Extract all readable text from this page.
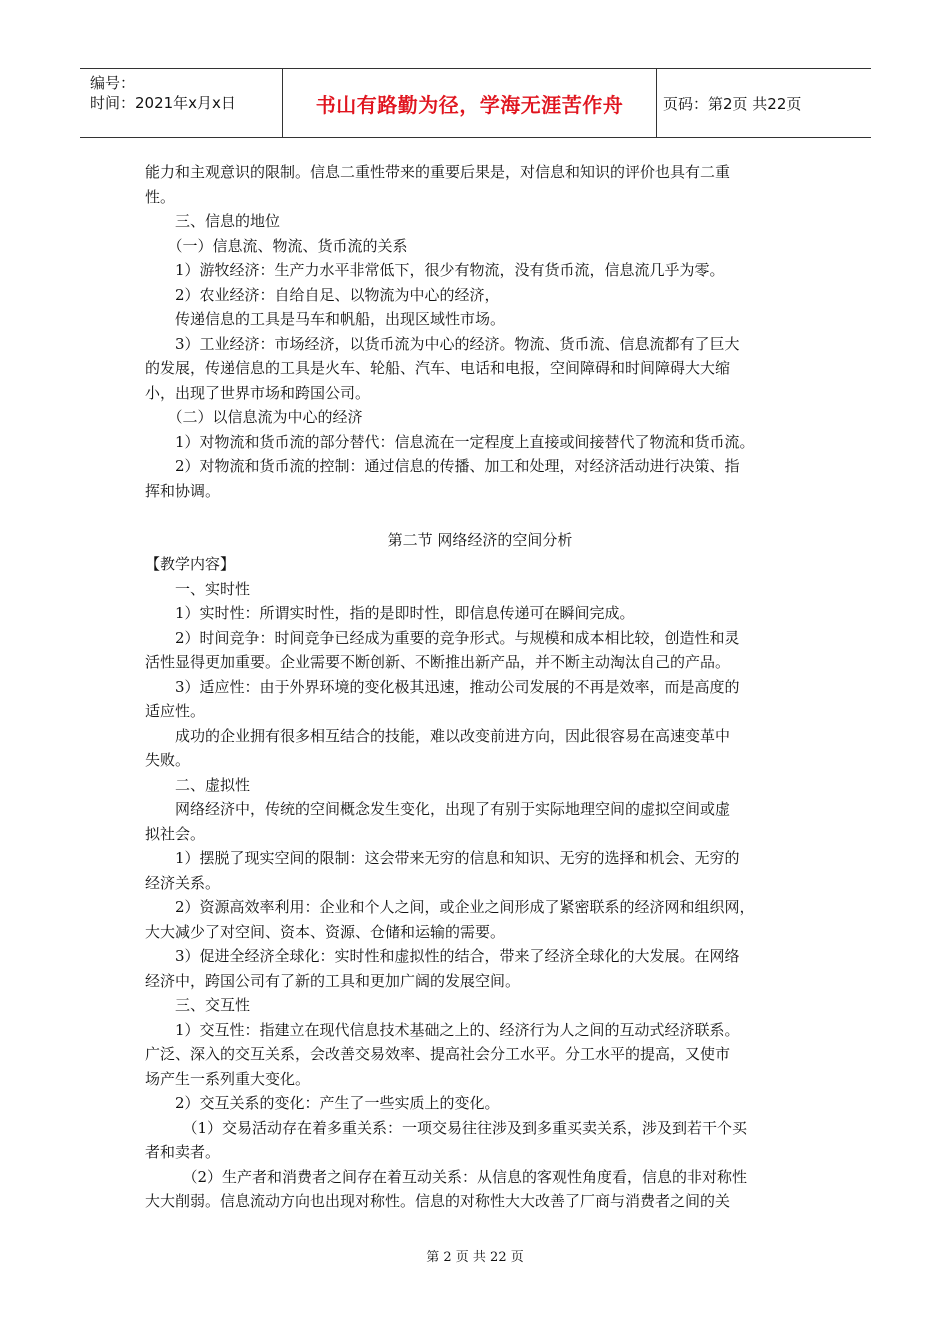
编号：
时间：2021年x月x日	书山有路勤为径，学海无涯苦作舟	页码：第2页 共22页

能力和主观意识的限制。信息二重性带来的重要后果是，对信息和知识的评价也具有二重

性。

　　三、信息的地位

　　（一）信息流、物流、货币流的关系

　　1）游牧经济：生产力水平非常低下，很少有物流，没有货币流，信息流几乎为零。

　　2）农业经济：自给自足、以物流为中心的经济，

　　传递信息的工具是马车和帆船，出现区域性市场。

　　3）工业经济：市场经济，以货币流为中心的经济。物流、货币流、信息流都有了巨大

的发展，传递信息的工具是火车、轮船、汽车、电话和电报，空间障碍和时间障碍大大缩

小，出现了世界市场和跨国公司。

　　（二）以信息流为中心的经济

　　1）对物流和货币流的部分替代：信息流在一定程度上直接或间接替代了物流和货币流。

　　2）对物流和货币流的控制：通过信息的传播、加工和处理，对经济活动进行决策、指

挥和协调。

第二节 网络经济的空间分析

【教学内容】

　　一、实时性

　　1）实时性：所谓实时性，指的是即时性，即信息传递可在瞬间完成。

　　2）时间竞争：时间竞争已经成为重要的竞争形式。与规模和成本相比较，创造性和灵

活性显得更加重要。企业需要不断创新、不断推出新产品，并不断主动淘汰自己的产品。

　　3）适应性：由于外界环境的变化极其迅速，推动公司发展的不再是效率，而是高度的

适应性。

　　成功的企业拥有很多相互结合的技能，难以改变前进方向，因此很容易在高速变革中

失败。

　　二、虚拟性

　　网络经济中，传统的空间概念发生变化，出现了有别于实际地理空间的虚拟空间或虚

拟社会。

　　1）摆脱了现实空间的限制：这会带来无穷的信息和知识、无穷的选择和机会、无穷的

经济关系。

　　2）资源高效率利用：企业和个人之间，或企业之间形成了紧密联系的经济网和组织网，

大大减少了对空间、资本、资源、仓储和运输的需要。

　　3）促进全经济全球化：实时性和虚拟性的结合，带来了经济全球化的大发展。在网络

经济中，跨国公司有了新的工具和更加广阔的发展空间。

　　三、交互性

　　1）交互性：指建立在现代信息技术基础之上的、经济行为人之间的互动式经济联系。

广泛、深入的交互关系，会改善交易效率、提高社会分工水平。分工水平的提高，又使市

场产生一系列重大变化。

　　2）交互关系的变化：产生了一些实质上的变化。

　　　（1）交易活动存在着多重关系：一项交易往往涉及到多重买卖关系，涉及到若干个买

者和卖者。

　　　（2）生产者和消费者之间存在着互动关系：从信息的客观性角度看，信息的非对称性

大大削弱。信息流动方向也出现对称性。信息的对称性大大改善了厂商与消费者之间的关

第 2 页 共 22 页
